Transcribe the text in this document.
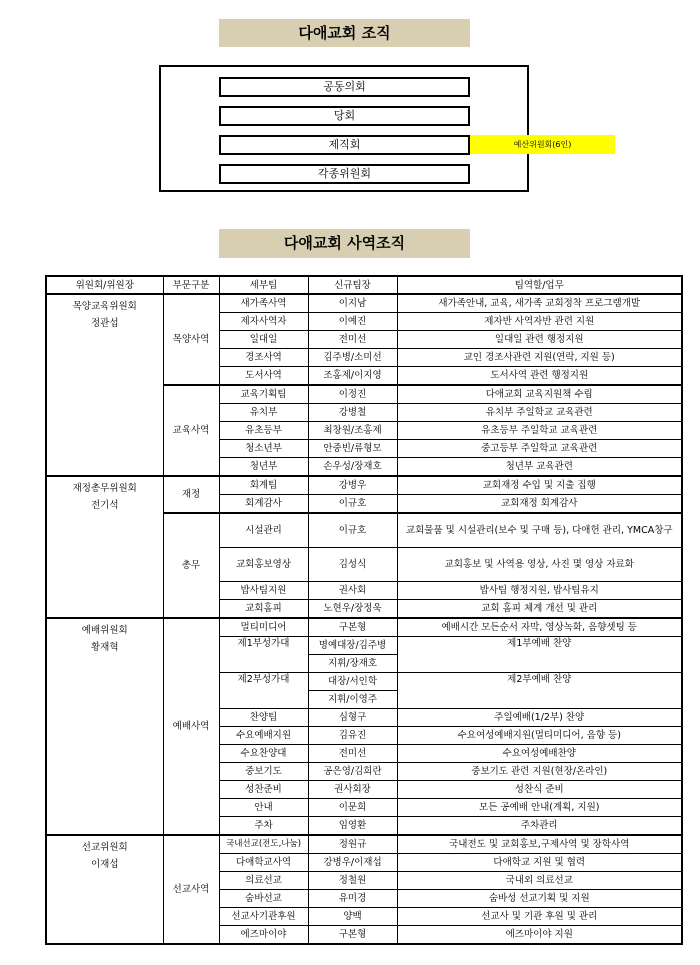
다애교회 조직
공동의회
당회
제직회	예산위원회(6인)
각종위원회
다애교회 사역조직
위원회/위원장	부문구분	세부팀	신규팀장	팀역할/업무
목양교육위원회
정관섭	목양사역	새가족사역	이지남	새가족안내, 교육, 새가족 교회정착 프로그램개발
		제자사역자	이예진	제자반 사역자반 관련 지원
		일대일	전미선	일대일 관련 행정지원
		경조사역	김주병/소미선	교인 경조사관련 지원(연락, 지원 등)
		도서사역	조홍제/이지영	도서사역 관련 행정지원
	교육사역	교육기획팀	이정진	다애교회 교육지원책 수립
		유치부	강병철	유치부 주일학교 교육관련
		유초등부	최창원/조홍제	유초등부 주일학교 교육관련
		청소년부	안중빈/류형모	중고등부 주일학교 교육관련
		청년부	손우성/장재호	청년부 교육관련
재정총무위원회
전기석	재정	회계팀	강병우	교회재정 수입 및 지출 집행
		회계감사	이규호	교회재정 회계감사
	총무	시설관리	이규호	교회물품 및 시설관리(보수 및 구매 등), 다애헌 관리, YMCA창구
		교회홍보영상	김성식	교회홍보 및 사역용 영상, 사진 몇 영상 자료화
		밥사팀지원	권사회	밥사팀 행정지원, 밥사팀유지
		교회홈피	노현우/장정욱	교회 홈피 체계 개선 및 관리
예배위원회
황재혁	예배사역	멀티미디어	구본형	예배시간 모든순서 자막, 영상녹화, 음향셋팅 등
		제1부성가대	명예대장/김주병	제1부예배 찬양
			지휘/장재호	
		제2부성가대	대장/서인학	제2부예배 찬양
			지휘/이영주	
		찬양팀	심형구	주일예배(1/2부) 찬양
		수요예배지원	김유진	수요여성예배지원(멀티미디어, 음향 등)
		수요찬양대	전미선	수요여성예배찬양
		중보기도	공은영/김희란	중보기도 관련 지원(현장/온라인)
		성찬준비	권사회장	성찬식 준비
		안내	이문희	모든 공예배 안내(계획, 지원)
		주차	임영환	주차관리
선교위원회
이재섭	선교사역	국내선교(전도,나눔)	정원규	국내전도 및 교회홍보,구제사역 및 장학사역
		다애학교사역	강병우/이재섭	다애학교 지원 및 협력
		의료선교	정철원	국내외 의료선교
		숨바선교	유미경	숨바성 선교기획 및 지원
		선교사기관후원	양백	선교사 및 기관 후원 및 관리
		에즈마이야	구본형	에즈마이야 지원
